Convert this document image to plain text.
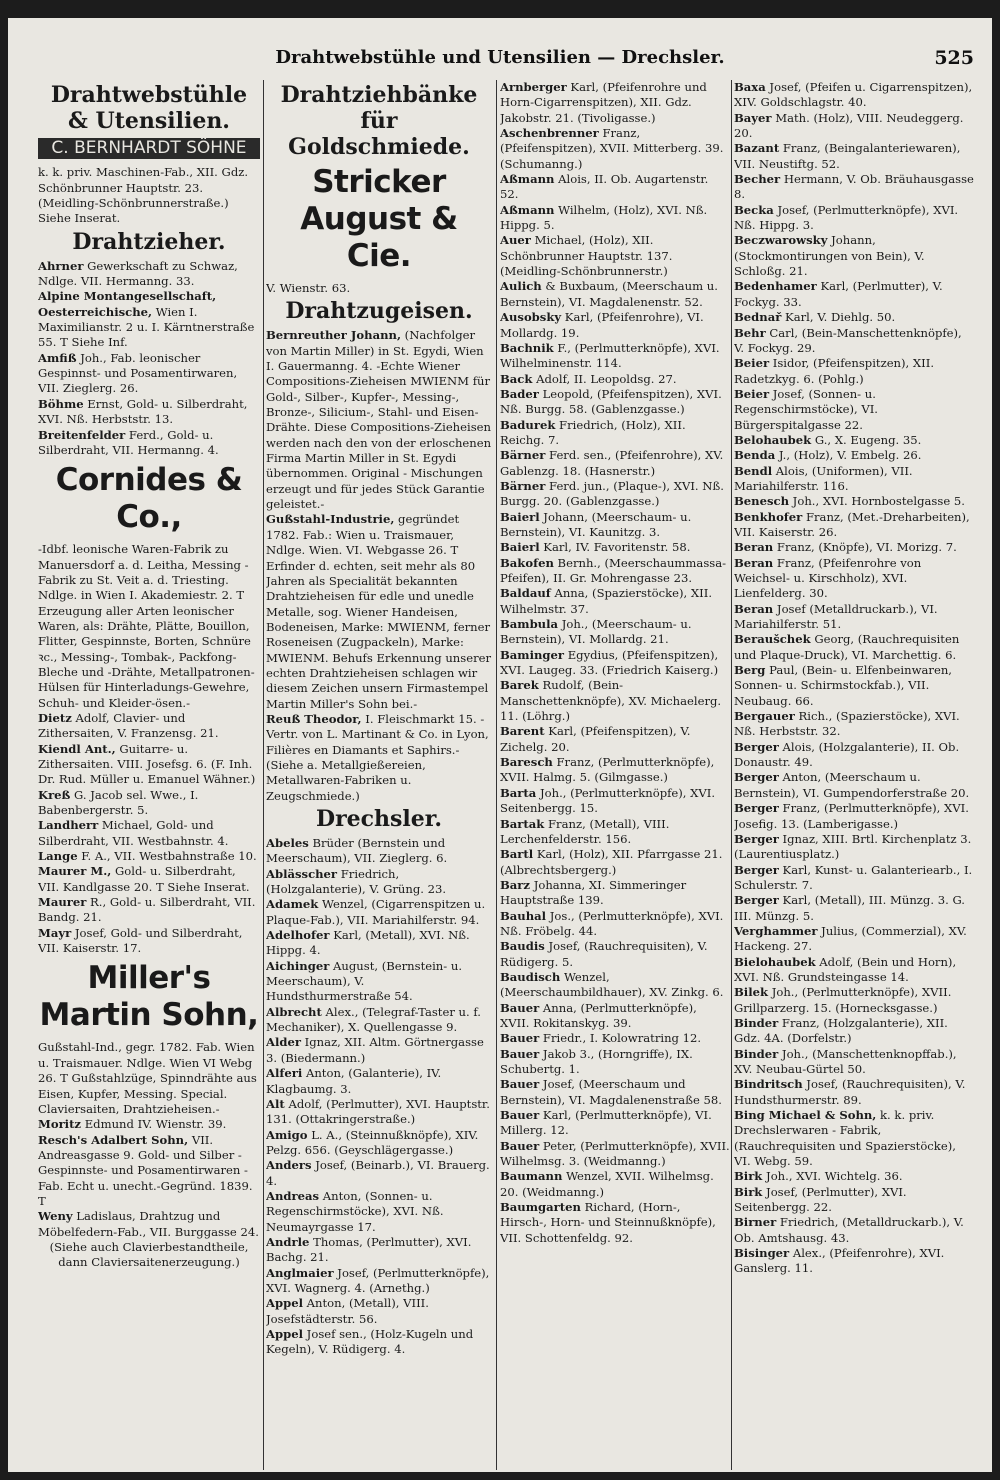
Drahtwebstühle und Utensilien — Drechsler.	525
Drahtwebstühle & Utensilien.
C. BERNHARDT SÖHNE
k. k. priv. Maschinen-Fab., XII. Gdz. Schönbrunner Hauptstr. 23. (Meidling-Schönbrunnerstraße.) Siehe Inserat.
Drahtzieher.

Ahrner Gewerkschaft zu Schwaz, Ndlge. VII. Hermanng. 33.

Alpine Montangesellschaft, Oesterreichische, Wien I. Maximilianstr. 2 u. I. Kärntnerstraße 55. T Siehe Inf.

Amfiß Joh., Fab. leonischer Gespinnst- und Posamentirwaren, VII. Zieglerg. 26.

Böhme Ernst, Gold- u. Silberdraht, XVI. Nß. Herbststr. 13.

Breitenfelder Ferd., Gold- u. Silberdraht, VII. Hermanng. 4.

Cornides & Co.,
-Idbf. leonische Waren-Fabrik zu Manuersdorf a. d. Leitha, Messing - Fabrik zu St. Veit a. d. Triesting. Ndlge. in Wien I. Akademiestr. 2. T Erzeugung aller Arten leonischer Waren, als: Drähte, Plätte, Bouillon, Flitter, Gespinnste, Borten, Schnüre ꝛc., Messing-, Tombak-, Packfong-Bleche und -Drähte, Metallpatronen-Hülsen für Hinterladungs-Gewehre, Schuh- und Kleider-ösen.-

Dietz Adolf, Clavier- und Zithersaiten, V. Franzensg. 21.

Kiendl Ant., Guitarre- u. Zithersaiten. VIII. Josefsg. 6. (F. Inh. Dr. Rud. Müller u. Emanuel Wähner.)

Kreß G. Jacob sel. Wwe., I. Babenbergerstr. 5.

Landherr Michael, Gold- und Silberdraht, VII. Westbahnstr. 4.

Lange F. A., VII. Westbahnstraße 10.

Maurer M., Gold- u. Silberdraht, VII. Kandlgasse 20. T Siehe Inserat.

Maurer R., Gold- u. Silberdraht, VII. Bandg. 21.

Mayr Josef, Gold- und Silberdraht, VII. Kaiserstr. 17.

Miller's Martin Sohn,
Gußstahl-Ind., gegr. 1782. Fab. Wien u. Traismauer. Ndlge. Wien VI Webg 26. T Gußstahlzüge, Spinndrähte aus Eisen, Kupfer, Messing. Special. Claviersaiten, Drahtzieheisen.-

Moritz Edmund IV. Wienstr. 39.

Resch's Adalbert Sohn, VII. Andreasgasse 9. Gold- und Silber - Gespinnste- und Posamentirwaren - Fab. Echt u. unecht.-Gegründ. 1839. T

Weny Ladislaus, Drahtzug und Möbelfedern-Fab., VII. Burggasse 24.

(Siehe auch Clavierbestandtheile, dann Claviersaitenerzeugung.)
Drahtziehbänke für Goldschmiede.
Stricker August & Cie.
V. Wienstr. 63.
Drahtzugeisen.

Bernreuther Johann, (Nachfolger von Martin Miller) in St. Egydi, Wien I. Gauermanng. 4. -Echte Wiener Compositions-Zieheisen MWIENM für Gold-, Silber-, Kupfer-, Messing-, Bronze-, Silicium-, Stahl- und Eisen-Drähte. Diese Compositions-Zieheisen werden nach den von der erloschenen Firma Martin Miller in St. Egydi übernommen. Original - Mischungen erzeugt und für jedes Stück Garantie geleistet.-

Gußstahl-Industrie, gegründet 1782. Fab.: Wien u. Traismauer, Ndlge. Wien. VI. Webgasse 26. T Erfinder d. echten, seit mehr als 80 Jahren als Specialität bekannten Drahtzieheisen für edle und unedle Metalle, sog. Wiener Handeisen, Bodeneisen, Marke: MWIENM, ferner Roseneisen (Zugpackeln), Marke: MWIENM. Behufs Erkennung unserer echten Drahtzieheisen schlagen wir diesem Zeichen unsern Firmastempel Martin Miller's Sohn bei.-

Reuß Theodor, I. Fleischmarkt 15. -Vertr. von L. Martinant & Co. in Lyon, Filières en Diamants et Saphirs.- (Siehe a. Metallgießereien, Metallwaren-Fabriken u. Zeugschmiede.)

Drechsler.

Abeles Brüder (Bernstein und Meerschaum), VII. Zieglerg. 6.

Ablässcher Friedrich, (Holzgalanterie), V. Grüng. 23.

Adamek Wenzel, (Cigarrenspitzen u. Plaque-Fab.), VII. Mariahilferstr. 94.

Adelhofer Karl, (Metall), XVI. Nß. Hippg. 4.

Aichinger August, (Bernstein- u. Meerschaum), V. Hundsthurmerstraße 54.

Albrecht Alex., (Telegraf-Taster u. f. Mechaniker), X. Quellengasse 9.

Alder Ignaz, XII. Altm. Görtnergasse 3. (Biedermann.)

Alferi Anton, (Galanterie), IV. Klagbaumg. 3.

Alt Adolf, (Perlmutter), XVI. Hauptstr. 131. (Ottakringerstraße.)

Amigo L. A., (Steinnußknöpfe), XIV. Pelzg. 656. (Geyschlägergasse.)

Anders Josef, (Beinarb.), VI. Brauerg. 4.

Andreas Anton, (Sonnen- u. Regenschirmstöcke), XVI. Nß. Neumayrgasse 17.

Andrle Thomas, (Perlmutter), XVI. Bachg. 21.

Anglmaier Josef, (Perlmutterknöpfe), XVI. Wagnerg. 4. (Arnethg.)

Appel Anton, (Metall), VIII. Josefstädterstr. 56.

Appel Josef sen., (Holz-Kugeln und Kegeln), V. Rüdigerg. 4.

Arnberger Karl, (Pfeifenrohre und Horn-Cigarrenspitzen), XII. Gdz. Jakobstr. 21. (Tivoligasse.)

Aschenbrenner Franz, (Pfeifenspitzen), XVII. Mitterberg. 39. (Schumanng.)

Aßmann Alois, II. Ob. Augartenstr. 52.

Aßmann Wilhelm, (Holz), XVI. Nß. Hippg. 5.

Auer Michael, (Holz), XII. Schönbrunner Hauptstr. 137. (Meidling-Schönbrunnerstr.)

Aulich & Buxbaum, (Meerschaum u. Bernstein), VI. Magdalenenstr. 52.

Ausobsky Karl, (Pfeifenrohre), VI. Mollardg. 19.

Bachnik F., (Perlmutterknöpfe), XVI. Wilhelminenstr. 114.

Back Adolf, II. Leopoldsg. 27.

Bader Leopold, (Pfeifenspitzen), XVI. Nß. Burgg. 58. (Gablenzgasse.)

Badurek Friedrich, (Holz), XII. Reichg. 7.

Bärner Ferd. sen., (Pfeifenrohre), XV. Gablenzg. 18. (Hasnerstr.)

Bärner Ferd. jun., (Plaque-), XVI. Nß. Burgg. 20. (Gablenzgasse.)

Baierl Johann, (Meerschaum- u. Bernstein), VI. Kaunitzg. 3.

Baierl Karl, IV. Favoritenstr. 58.

Bakofen Bernh., (Meerschaummassa-Pfeifen), II. Gr. Mohrengasse 23.

Baldauf Anna, (Spazierstöcke), XII. Wilhelmstr. 37.

Bambula Joh., (Meerschaum- u. Bernstein), VI. Mollardg. 21.

Baminger Egydius, (Pfeifenspitzen), XVI. Laugeg. 33. (Friedrich Kaiserg.)

Barek Rudolf, (Bein-Manschettenknöpfe), XV. Michaelerg. 11. (Löhrg.)

Barent Karl, (Pfeifenspitzen), V. Zichelg. 20.

Baresch Franz, (Perlmutterknöpfe), XVII. Halmg. 5. (Gilmgasse.)

Barta Joh., (Perlmutterknöpfe), XVI. Seitenbergg. 15.

Bartak Franz, (Metall), VIII. Lerchenfelderstr. 156.

Bartl Karl, (Holz), XII. Pfarrgasse 21. (Albrechtsbergerg.)

Barz Johanna, XI. Simmeringer Hauptstraße 139.

Bauhal Jos., (Perlmutterknöpfe), XVI. Nß. Fröbelg. 44.

Baudis Josef, (Rauchrequisiten), V. Rüdigerg. 5.

Baudisch Wenzel, (Meerschaumbildhauer), XV. Zinkg. 6.

Bauer Anna, (Perlmutterknöpfe), XVII. Rokitanskyg. 39.

Bauer Friedr., I. Kolowratring 12.

Bauer Jakob 3., (Horngriffe), IX. Schubertg. 1.

Bauer Josef, (Meerschaum und Bernstein), VI. Magdalenenstraße 58.

Bauer Karl, (Perlmutterknöpfe), VI. Millerg. 12.

Bauer Peter, (Perlmutterknöpfe), XVII. Wilhelmsg. 3. (Weidmanng.)

Baumann Wenzel, XVII. Wilhelmsg. 20. (Weidmanng.)

Baumgarten Richard, (Horn-, Hirsch-, Horn- und Steinnußknöpfe), VII. Schottenfeldg. 92.

Baxa Josef, (Pfeifen u. Cigarrenspitzen), XIV. Goldschlagstr. 40.

Bayer Math. (Holz), VIII. Neudeggerg. 20.

Bazant Franz, (Beingalanteriewaren), VII. Neustiftg. 52.

Becher Hermann, V. Ob. Bräuhausgasse 8.

Becka Josef, (Perlmutterknöpfe), XVI. Nß. Hippg. 3.

Beczwarowsky Johann, (Stockmontirungen von Bein), V. Schloßg. 21.

Bedenhamer Karl, (Perlmutter), V. Fockyg. 33.

Bednař Karl, V. Diehlg. 50.

Behr Carl, (Bein-Manschettenknöpfe), V. Fockyg. 29.

Beier Isidor, (Pfeifenspitzen), XII. Radetzkyg. 6. (Pohlg.)

Beier Josef, (Sonnen- u. Regenschirmstöcke), VI. Bürgerspitalgasse 22.

Belohaubek G., X. Eugeng. 35.

Benda J., (Holz), V. Embelg. 26.

Bendl Alois, (Uniformen), VII. Mariahilferstr. 116.

Benesch Joh., XVI. Hornbostelgasse 5.

Benkhofer Franz, (Met.-Dreharbeiten), VII. Kaiserstr. 26.

Beran Franz, (Knöpfe), VI. Morizg. 7.

Beran Franz, (Pfeifenrohre von Weichsel- u. Kirschholz), XVI. Lienfelderg. 30.

Beran Josef (Metalldruckarb.), VI. Mariahilferstr. 51.

Beraušchek Georg, (Rauchrequisiten und Plaque-Druck), VI. Marchettig. 6.

Berg Paul, (Bein- u. Elfenbeinwaren, Sonnen- u. Schirmstockfab.), VII. Neubaug. 66.

Bergauer Rich., (Spazierstöcke), XVI. Nß. Herbststr. 32.

Berger Alois, (Holzgalanterie), II. Ob. Donaustr. 49.

Berger Anton, (Meerschaum u. Bernstein), VI. Gumpendorferstraße 20.

Berger Franz, (Perlmutterknöpfe), XVI. Josefig. 13. (Lamberigasse.)

Berger Ignaz, XIII. Brtl. Kirchenplatz 3. (Laurentiusplatz.)

Berger Karl, Kunst- u. Galanteriearb., I. Schulerstr. 7.

Berger Karl, (Metall), III. Münzg. 3. G. III. Münzg. 5.

Verghammer Julius, (Commerzial), XV. Hackeng. 27.

Bielohaubek Adolf, (Bein und Horn), XVI. Nß. Grundsteingasse 14.

Bilek Joh., (Perlmutterknöpfe), XVII. Grillparzerg. 15. (Hornecksgasse.)

Binder Franz, (Holzgalanterie), XII. Gdz. 4A. (Dorfelstr.)

Binder Joh., (Manschettenknopffab.), XV. Neubau-Gürtel 50.

Bindritsch Josef, (Rauchrequisiten), V. Hundsthurmerstr. 89.

Bing Michael & Sohn, k. k. priv. Drechslerwaren - Fabrik, (Rauchrequisiten und Spazierstöcke), VI. Webg. 59.

Birk Joh., XVI. Wichtelg. 36.

Birk Josef, (Perlmutter), XVI. Seitenbergg. 22.

Birner Friedrich, (Metalldruckarb.), V. Ob. Amtshausg. 43.

Bisinger Alex., (Pfeifenrohre), XVI. Ganslerg. 11.
